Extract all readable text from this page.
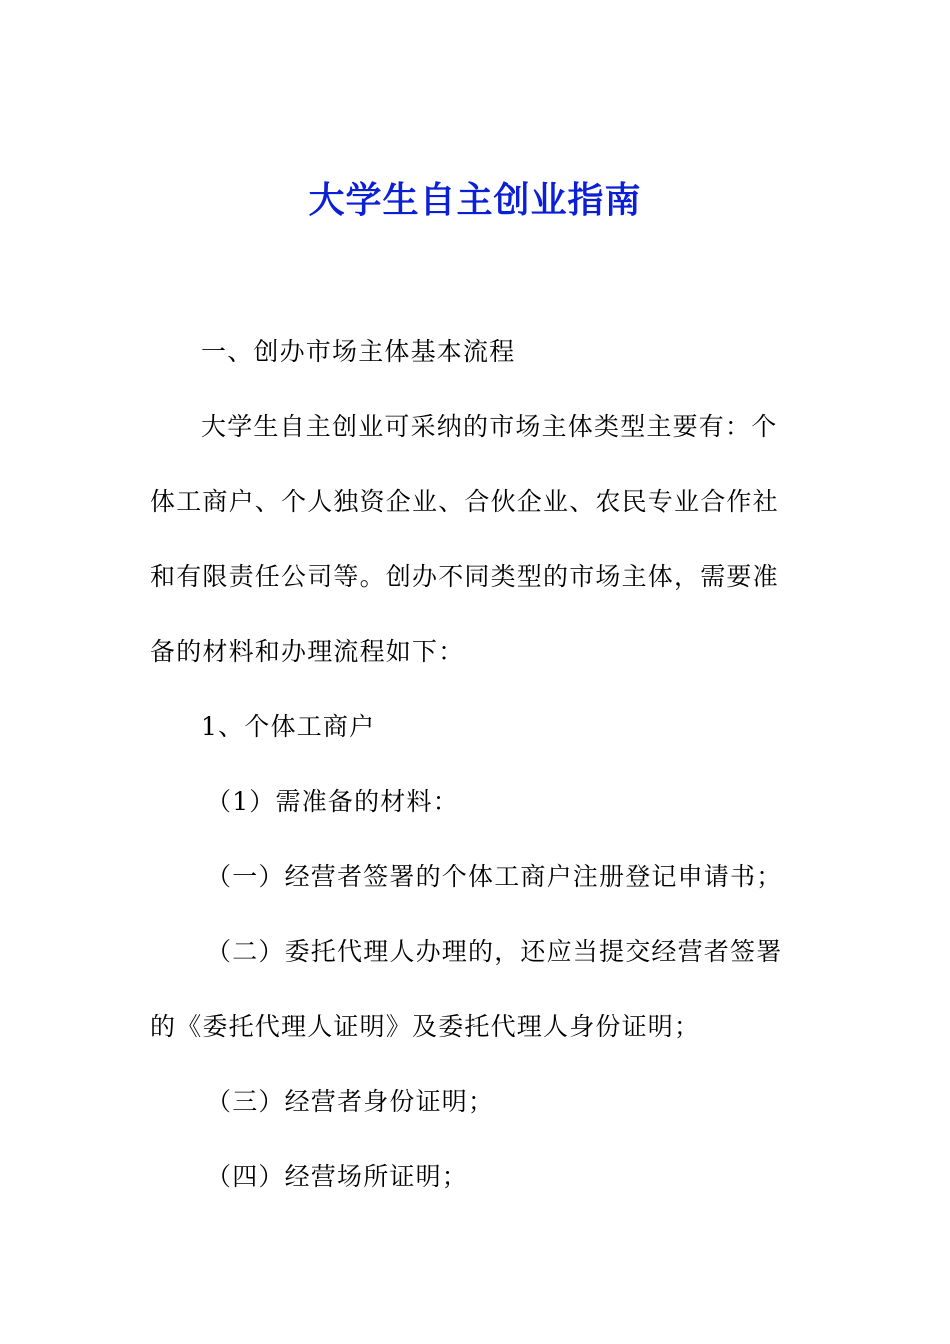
大学生自主创业指南

一、创办市场主体基本流程

大学生自主创业可采纳的市场主体类型主要有：个体工商户、个人独资企业、合伙企业、农民专业合作社和有限责任公司等。创办不同类型的市场主体，需要准备的材料和办理流程如下：

1、个体工商户

（1）需准备的材料：

（一）经营者签署的个体工商户注册登记申请书；

（二）委托代理人办理的，还应当提交经营者签署的《委托代理人证明》及委托代理人身份证明；

（三）经营者身份证明；

（四）经营场所证明；
